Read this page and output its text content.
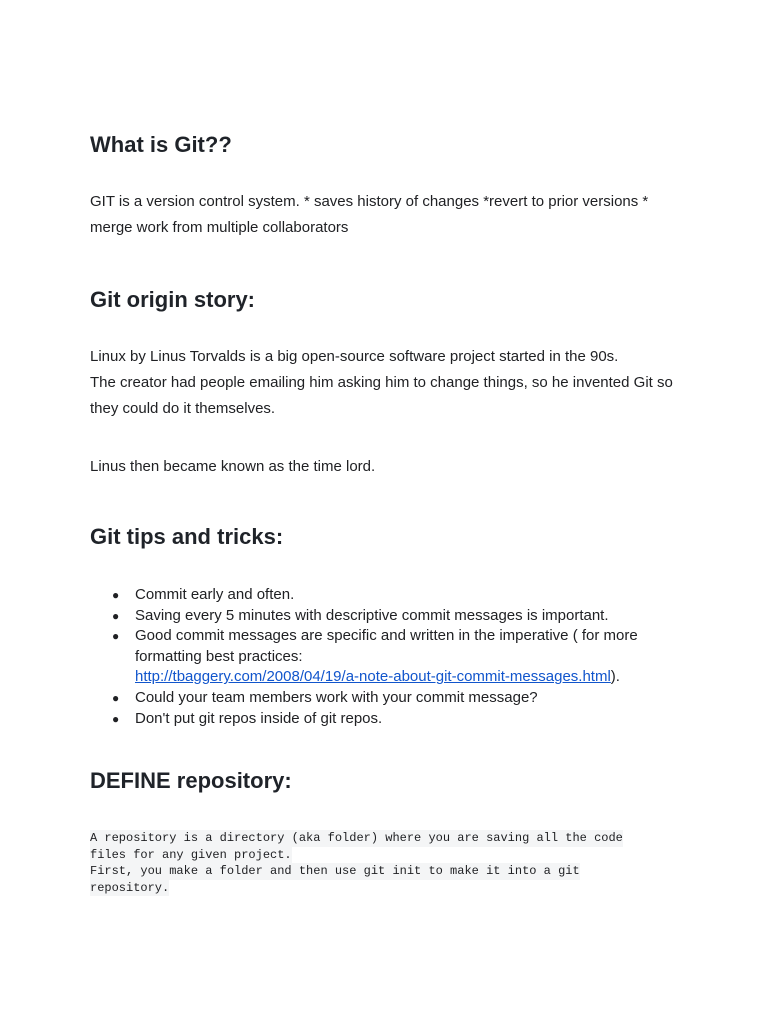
What is Git??

GIT is a version control system. * saves history of changes *revert to prior versions *
merge work from multiple collaborators

Git origin story:

Linux by Linus Torvalds is a big open-source software project started in the 90s.
The creator had people emailing him asking him to change things, so he invented Git so
they could do it themselves.

Linus then became known as the time lord.

Git tips and tricks:
● Commit early and often.
● Saving every 5 minutes with descriptive commit messages is important.
● Good commit messages are specific and written in the imperative ( for more
formatting best practices:
http://tbaggery.com/2008/04/19/a-note-about-git-commit-messages.html).
● Could your team members work with your commit message?
● Don't put git repos inside of git repos.
DEFINE repository:
A repository is a directory (aka folder) where you are saving all the code
files for any given project.
First, you make a folder and then use git init to make it into a git
repository.
